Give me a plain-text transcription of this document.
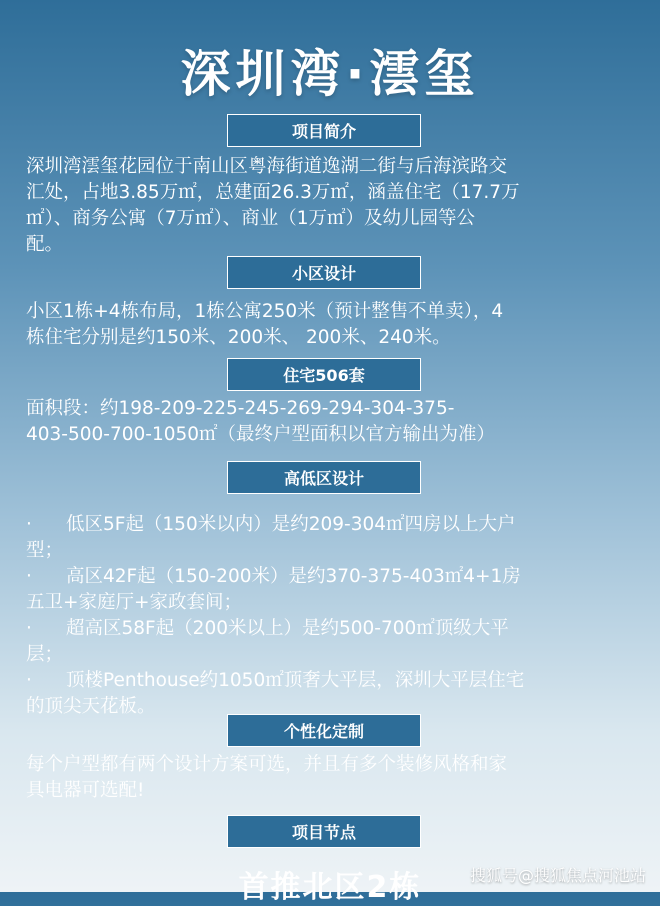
深圳湾·澐玺
项目简介
深圳湾澐玺花园位于南山区粤海街道逸湖二街与后海滨路交
汇处，占地3.85万㎡，总建面26.3万㎡，涵盖住宅（17.7万
㎡）、商务公寓（7万㎡）、商业（1万㎡）及幼儿园等公
配。
小区设计
小区1栋+4栋布局，1栋公寓250米（预计整售不单卖），4
栋住宅分别是约150米、200米、 200米、240米。
住宅506套
面积段：约198-209-225-245-269-294-304-375-
403-500-700-1050㎡（最终户型面积以官方输出为准）
高低区设计
· 低区5F起（150米以内）是约209-304㎡四房以上大户
型；
· 高区42F起（150-200米）是约370-375-403㎡4+1房
五卫+家庭厅+家政套间；
· 超高区58F起（200米以上）是约500-700㎡顶级大平
层；
· 顶楼Penthouse约1050㎡顶奢大平层，深圳大平层住宅
的顶尖天花板。
个性化定制
每个户型都有两个设计方案可选，并且有多个装修风格和家
具电器可选配!
项目节点
首推北区2栋	搜狐号@搜狐焦点河池站
